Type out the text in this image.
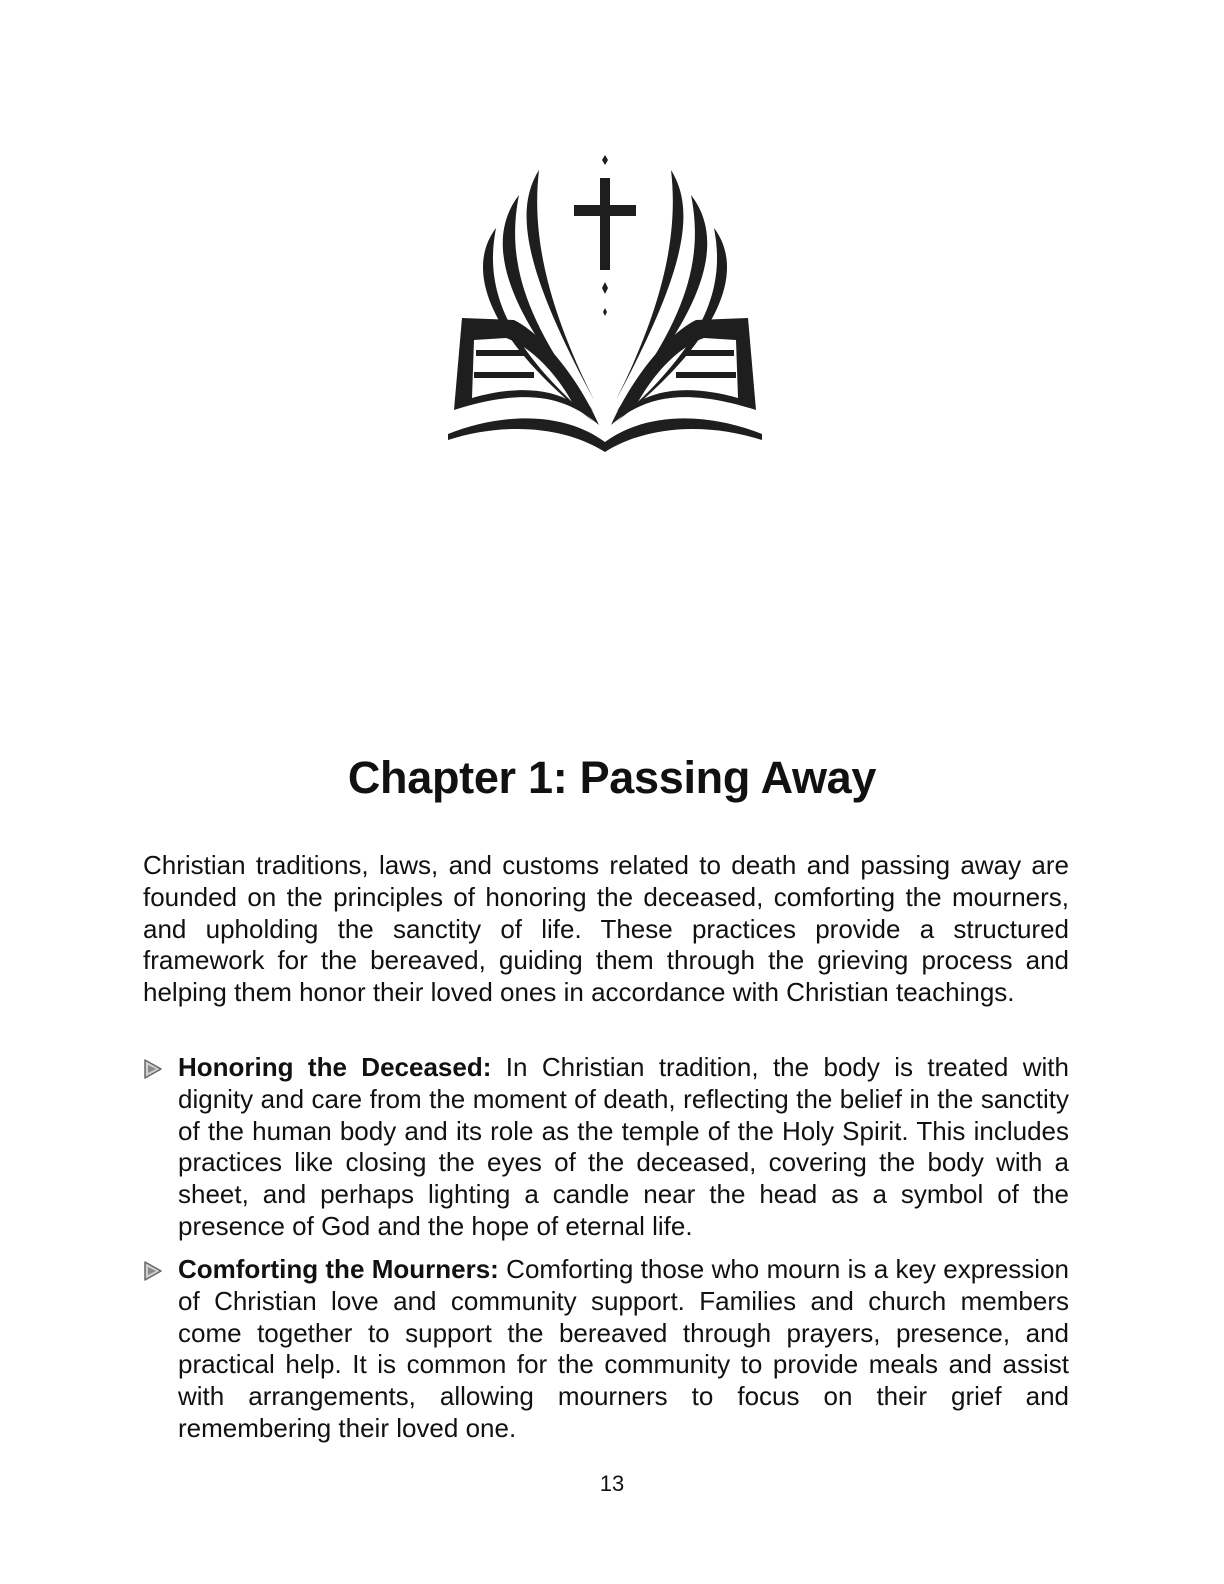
Chapter 1: Passing Away

Christian traditions, laws, and customs related to death and passing away are founded on the principles of honoring the deceased, comforting the mourners, and upholding the sanctity of life. These practices provide a structured framework for the bereaved, guiding them through the grieving process and helping them honor their loved ones in accordance with Christian teachings.

Honoring the Deceased: In Christian tradition, the body is treated with dignity and care from the moment of death, reflecting the belief in the sanctity of the human body and its role as the temple of the Holy Spirit. This includes practices like closing the eyes of the deceased, covering the body with a sheet, and perhaps lighting a candle near the head as a symbol of the presence of God and the hope of eternal life.

Comforting the Mourners: Comforting those who mourn is a key expression of Christian love and community support. Families and church members come together to support the bereaved through prayers, presence, and practical help. It is common for the community to provide meals and assist with arrangements, allowing mourners to focus on their grief and remembering their loved one.

13
